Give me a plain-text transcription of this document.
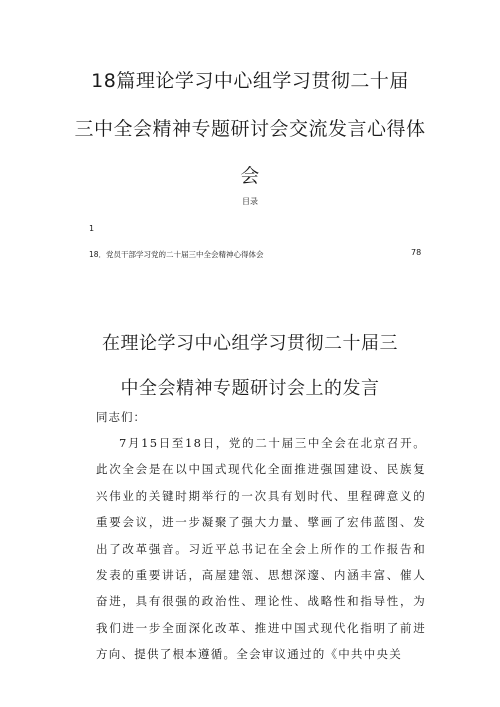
18篇理论学习中心组学习贯彻二十届
三中全会精神专题研讨会交流发言心得体
会
目录
1
18．党员干部学习党的二十届三中全会精神心得体会	78
在理论学习中心组学习贯彻二十届三
中全会精神专题研讨会上的发言
同志们：
7月15日至18日，党的二十届三中全会在北京召开。此次全会是在以中国式现代化全面推进强国建设、民族复兴伟业的关键时期举行的一次具有划时代、里程碑意义的重要会议，进一步凝聚了强大力量、擘画了宏伟蓝图、发出了改革强音。习近平总书记在全会上所作的工作报告和发表的重要讲话，高屋建瓴、思想深邃、内涵丰富、催人奋进，具有很强的政治性、理论性、战略性和指导性，为我们进一步全面深化改革、推进中国式现代化指明了前进方向、提供了根本遵循。全会审议通过的《中共中央关
